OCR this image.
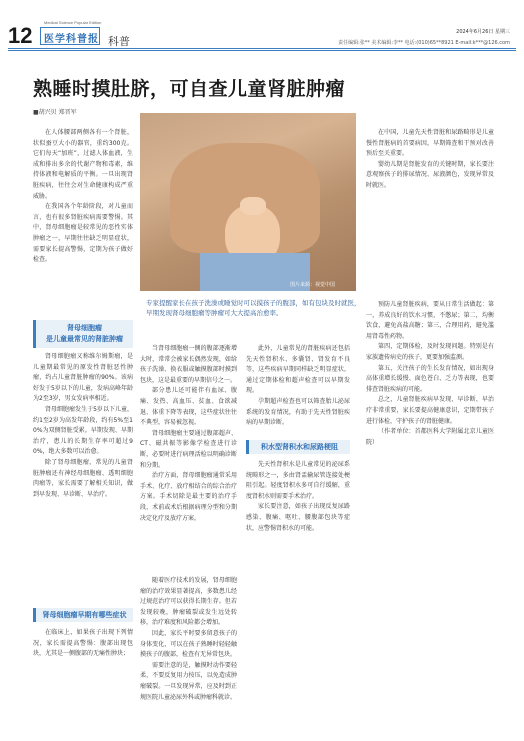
12 医学科普报
Medical Science Popular Edition
科普
2024年6月26日 星期三
责任编辑:张** 美术编辑:李** 电话:(010)65**8921 E-mail:k***@126.com
熟睡时摸肚脐，可自查儿童肾脏肿瘤
■胡兴贝 郑晋军

在人体腰部两侧各有一个肾脏，状似蚕豆大小的器官，重约300克。它们每天“加班”，过滤人体血液，生成和排出多余的代谢产物和毒素，维持体液和电解质的平衡。一旦出现肾脏疾病，往往会对生命健康构成严重威胁。

在我国各个年龄阶段，对儿童而言，也有很多肾脏疾病需要警惕。其中，肾母细胞瘤是较常见的恶性实体肿瘤之一，早期往往缺乏明显症状，需要家长提高警惕，定期为孩子做好检查。

肾母细胞瘤
是儿童最常见的肾脏肿瘤

肾母细胞瘤又称维尔姆斯瘤，是儿童期最常见的原发性肾脏恶性肿瘤，约占儿童肾脏肿瘤的90%。该病好发于5岁以下的儿童，发病高峰年龄为2至3岁，男女发病率相近。

肾母细胞瘤发生于5岁以下儿童，约1至2岁为高发年龄段，约有5%至10%为双侧肾脏受累。早期发现、早期治疗，患儿的长期生存率可超过90%，绝大多数可以治愈。

除了肾母细胞瘤，常见的儿童肾脏肿瘤还有神经母细胞瘤、透明细胞肉瘤等，家长需要了解相关知识，做到早发现、早诊断、早治疗。

肾母细胞瘤早期有哪些症状

在临床上，如果孩子出现下列情况，家长需提高警惕：腹部出现包块，尤其是一侧腹部的无痛性肿块；

图片来源：视觉中国
专家提醒家长在孩子洗澡或睡觉时可以摸孩子的腹部，如有包块及时就医，早期发现肾母细胞瘤等肿瘤可大大提高治愈率。

当肾母细胞瘤一侧的腹部逐渐增大时，常常会被家长偶然发现，如给孩子洗澡、换衣服或触摸腹部时摸到包块，这是最重要的早期信号之一。

部分患儿还可能伴有血尿、腹痛、发热、高血压、贫血、食欲减退、体重下降等表现，这些症状往往不典型，容易被忽视。

肾母细胞瘤主要通过腹部超声、CT、磁共振等影像学检查进行诊断，必要时进行病理活检以明确诊断和分期。

治疗方面，肾母细胞瘤通常采用手术、化疗、放疗相结合的综合治疗方案。手术切除是最主要的治疗手段，术前或术后根据病理分型和分期决定化疗及放疗方案。

随着医疗技术的发展，肾母细胞瘤的治疗效果显著提高，多数患儿经过规范治疗可以获得长期生存。但若发现较晚，肿瘤破裂或发生远处转移，治疗难度和风险都会增加。

因此，家长平时要多留意孩子的身体变化，可以在孩子熟睡时轻轻触摸孩子的腹部，检查有无异常包块。

需要注意的是，触摸时动作要轻柔，不要反复用力按压，以免造成肿瘤破裂。一旦发现异常，应及时到正规医院儿童泌尿外科或肿瘤科就诊。

此外，儿童常见的肾脏疾病还包括先天性肾积水、多囊肾、肾发育不良等，这些疾病早期同样缺乏明显症状，通过定期体检和超声检查可以早期发现。

孕期超声检查也可以筛查胎儿泌尿系统的发育情况，有助于先天性肾脏疾病的早期诊断。

积水型肾积水和尿路梗阻

先天性肾积水是儿童常见的泌尿系统畸形之一，多由肾盂输尿管连接处梗阻引起。轻度肾积水多可自行缓解，重度肾积水则需要手术治疗。

家长要注意，如孩子出现反复尿路感染、腹痛、呕吐、腰腹部包块等症状，应警惕肾积水的可能。

在中国，儿童先天性肾脏和尿路畸形是儿童慢性肾脏病的首要病因，早期筛查和干预对改善预后至关重要。

婴幼儿期是肾脏发育的关键时期，家长要注意观察孩子的排尿情况、尿液颜色，发现异常及时就医。

预防儿童肾脏疾病，要从日常生活做起：第一，养成良好的饮水习惯，不憋尿；第二，均衡饮食，避免高盐高糖；第三，合理用药，避免滥用肾毒性药物。

第四，定期体检，及时发现问题。特别是有家族遗传病史的孩子，更要加强监测。

第五，关注孩子的生长发育情况，如出现身高体重增长缓慢、面色苍白、乏力等表现，也要排查肾脏疾病的可能。

总之，儿童肾脏疾病早发现、早诊断、早治疗非常重要，家长要提高健康意识，定期带孩子进行体检，守护孩子的肾脏健康。

（作者单位：首都医科大学附属北京儿童医院）
